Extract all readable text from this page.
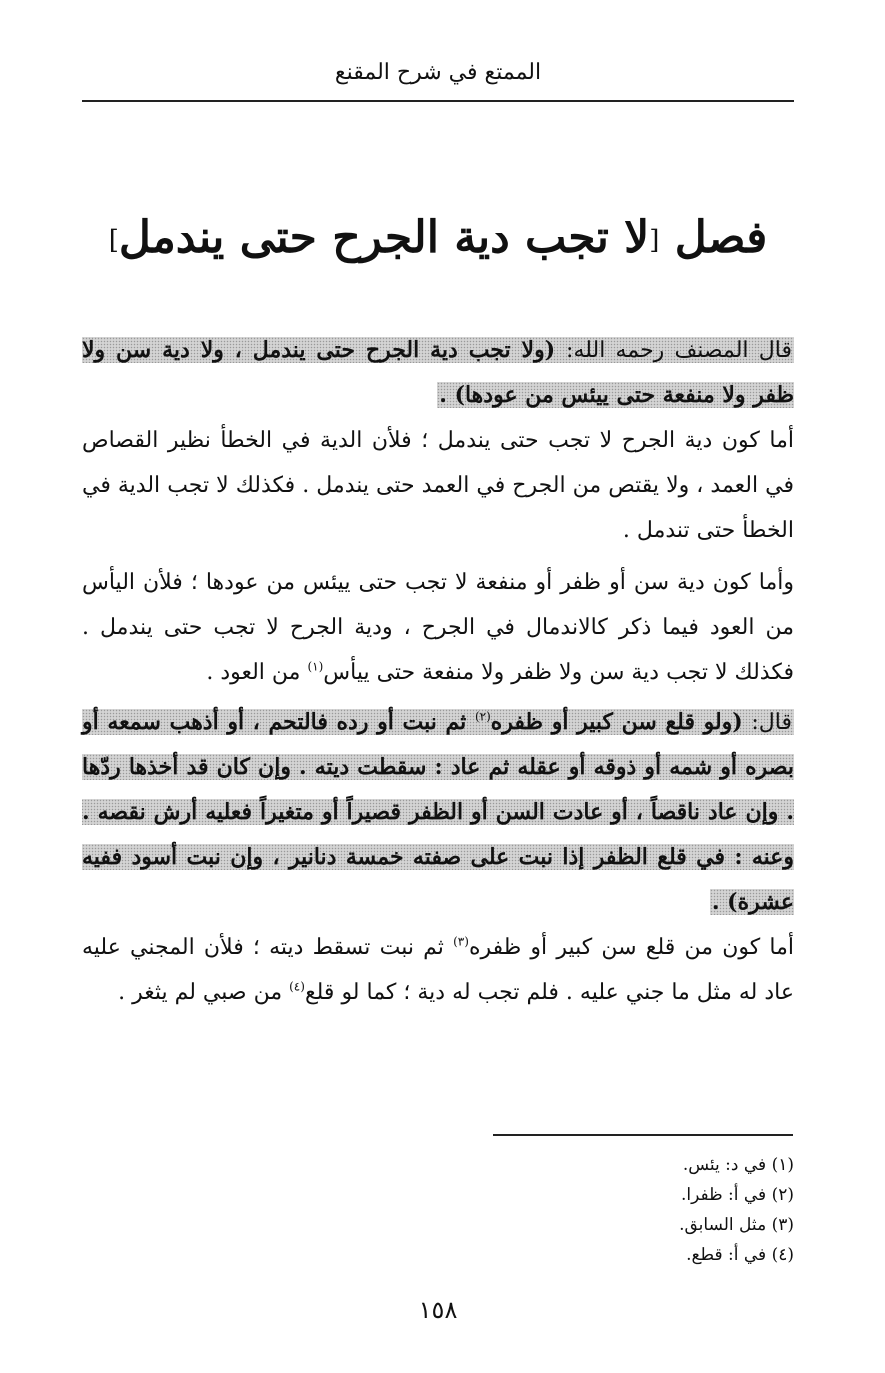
الممتع في شرح المقنع
فصل [لا تجب دية الجرح حتى يندمل]

قال المصنف رحمه الله: (ولا تجب دية الجرح حتى يندمل ، ولا دية سن ولا ظفر ولا منفعة حتى ييئس من عودها) .

أما كون دية الجرح لا تجب حتى يندمل ؛ فلأن الدية في الخطأ نظير القصاص في العمد ، ولا يقتص من الجرح في العمد حتى يندمل . فكذلك لا تجب الدية في الخطأ حتى تندمل .

وأما كون دية سن أو ظفر أو منفعة لا تجب حتى ييئس من عودها ؛ فلأن اليأس من العود فيما ذكر كالاندمال في الجرح ، ودية الجرح لا تجب حتى يندمل . فكذلك لا تجب دية سن ولا ظفر ولا منفعة حتى ييأس$^{(١)}$ من العود .

قال: (ولو قلع سن كبير أو ظفره$^{(٢)}$ ثم نبت أو رده فالتحم ، أو أذهب سمعه أو بصره أو شمه أو ذوقه أو عقله ثم عاد : سقطت ديته . وإن كان قد أخذها ردّها . وإن عاد ناقصاً ، أو عادت السن أو الظفر قصيراً أو متغيراً فعليه أرش نقصه . وعنه : في قلع الظفر إذا نبت على صفته خمسة دنانير ، وإن نبت أسود ففيه عشرة) .

أما كون من قلع سن كبير أو ظفره$^{(٣)}$ ثم نبت تسقط ديته ؛ فلأن المجني عليه عاد له مثل ما جني عليه . فلم تجب له دية ؛ كما لو قلع$^{(٤)}$ من صبي لم يثغر .

(١) في د: يئس.
(٢) في أ: ظفرا.
(٣) مثل السابق.
(٤) في أ: قطع.
١٥٨
